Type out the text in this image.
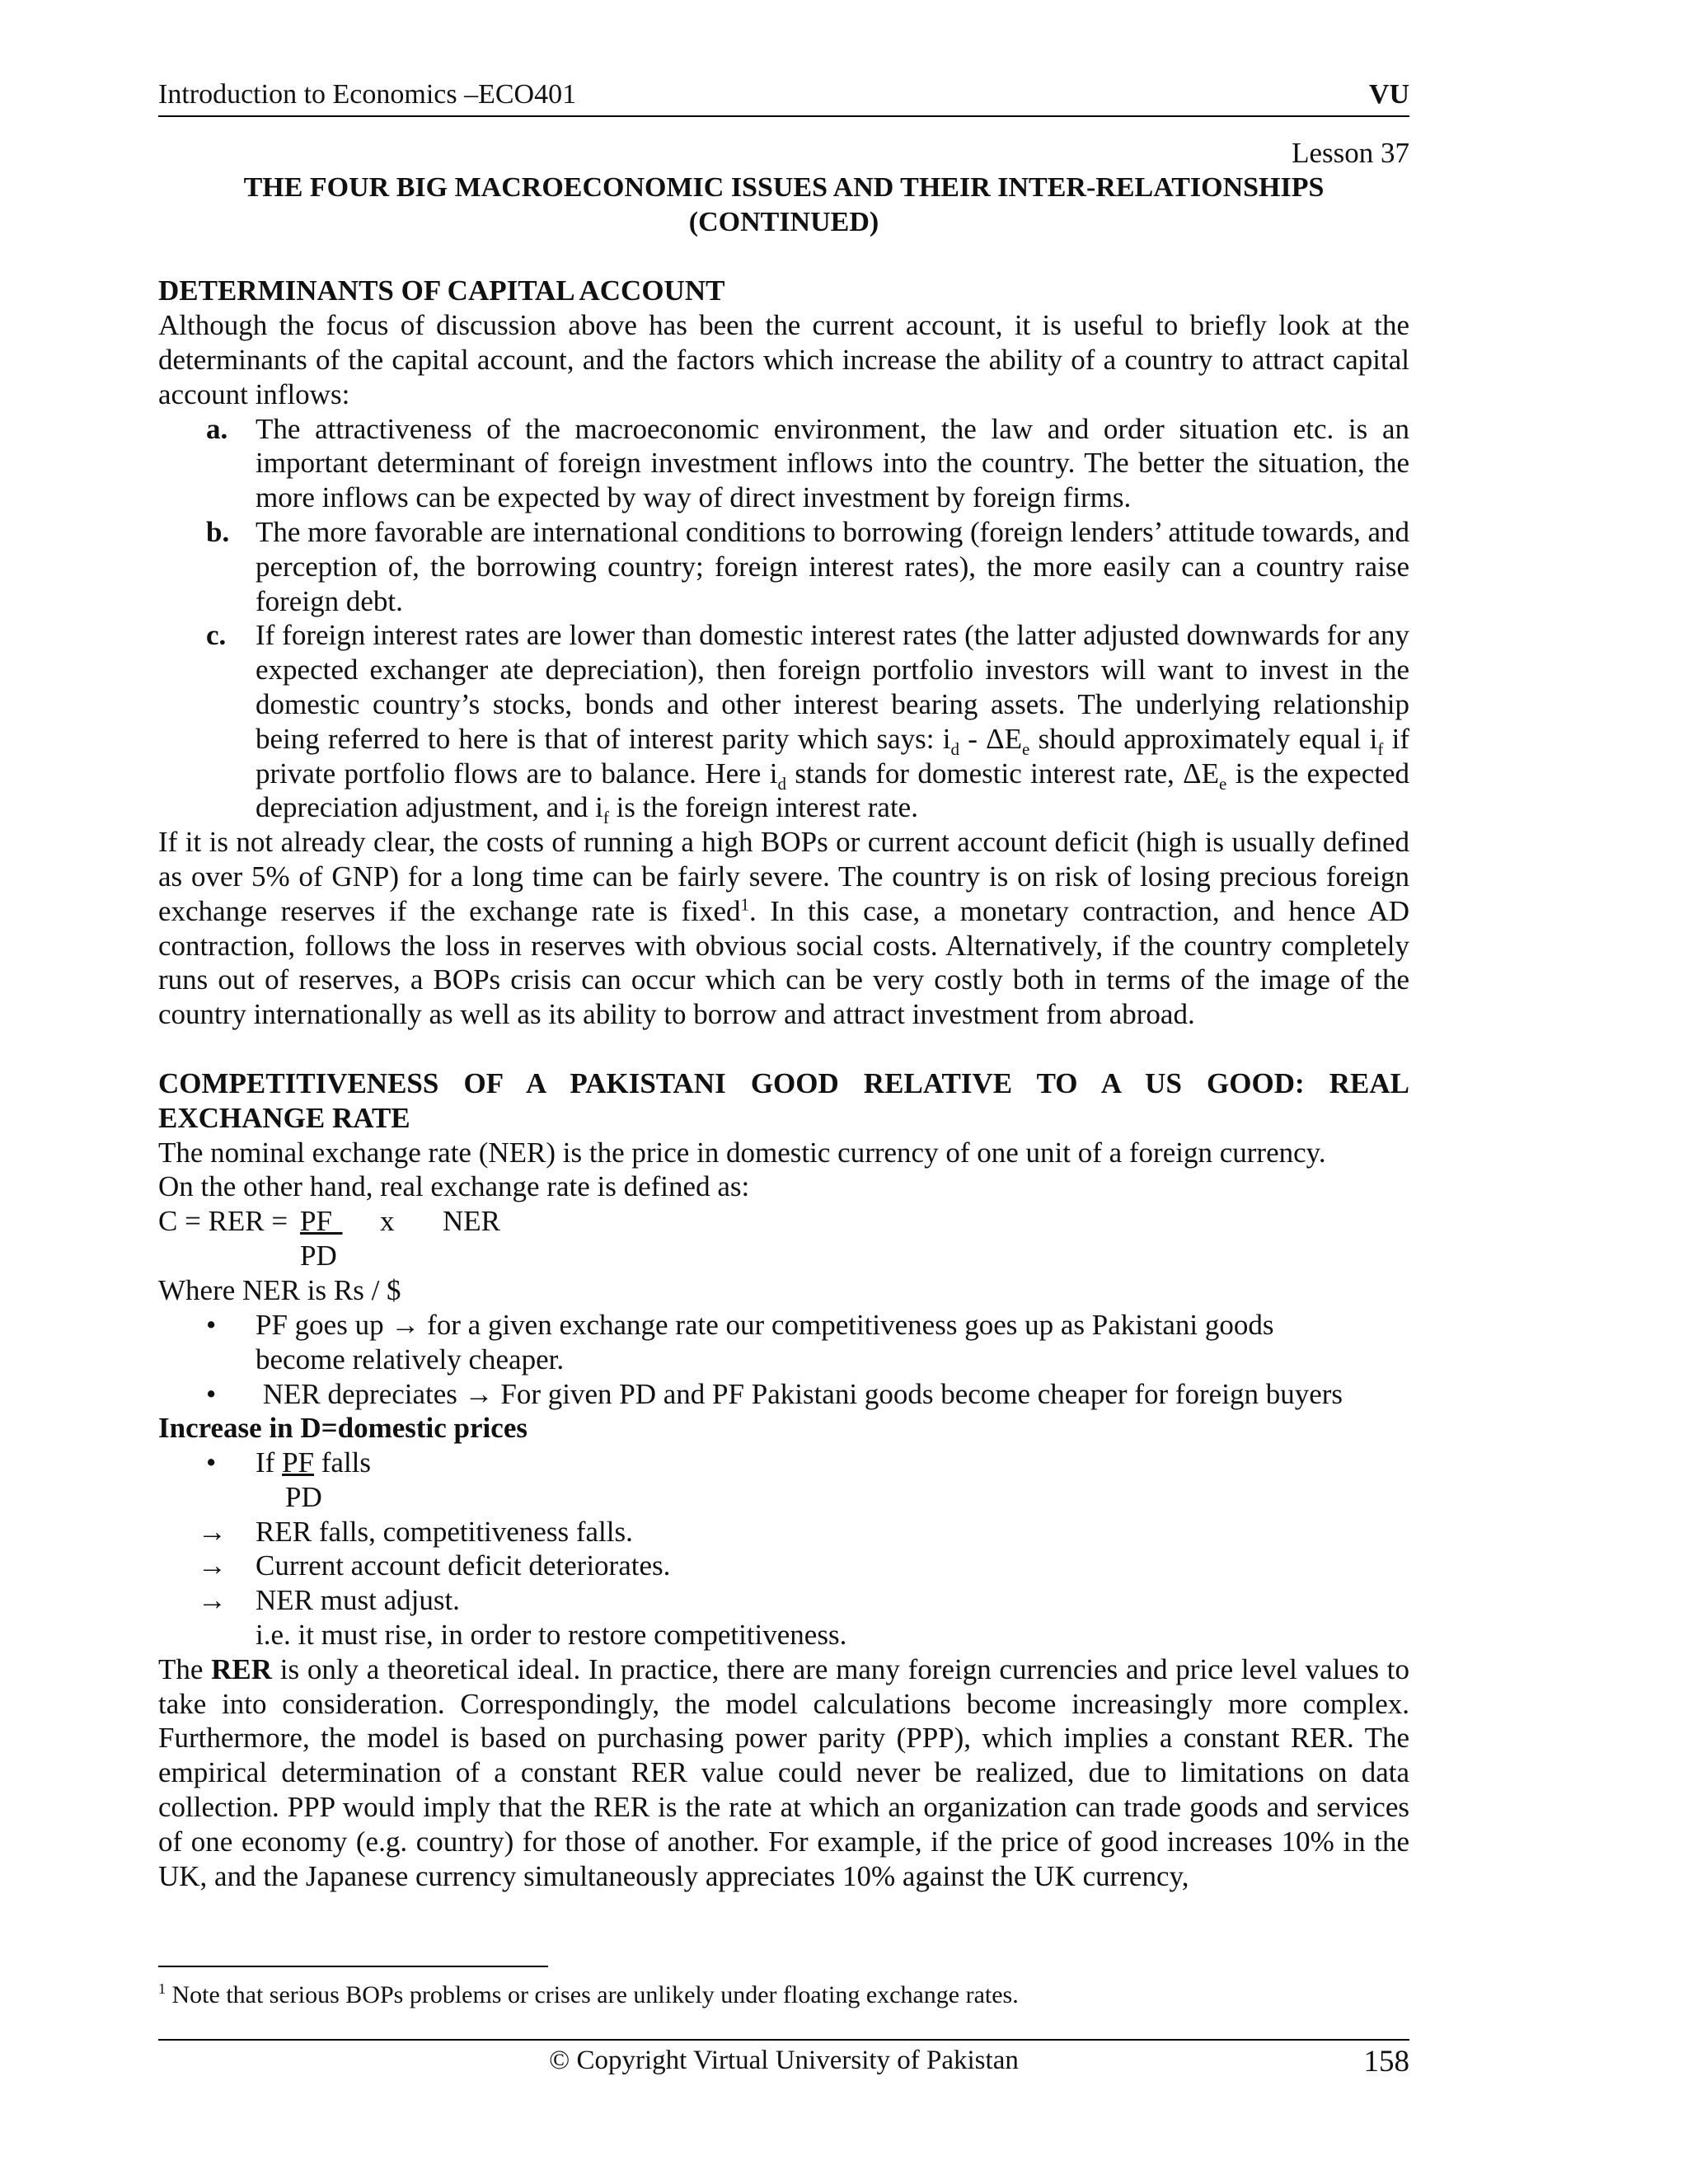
Introduction to Economics –ECO401	VU
Lesson 37
THE FOUR BIG MACROECONOMIC ISSUES AND THEIR INTER-RELATIONSHIPS
(CONTINUED)
DETERMINANTS OF CAPITAL ACCOUNT
Although the focus of discussion above has been the current account, it is useful to briefly look at the determinants of the capital account, and the factors which increase the ability of a country to attract capital account inflows:
a. The attractiveness of the macroeconomic environment, the law and order situation etc. is an important determinant of foreign investment inflows into the country. The better the situation, the more inflows can be expected by way of direct investment by foreign firms.
b. The more favorable are international conditions to borrowing (foreign lenders’ attitude towards, and perception of, the borrowing country; foreign interest rates), the more easily can a country raise foreign debt.
c. If foreign interest rates are lower than domestic interest rates (the latter adjusted downwards for any expected exchanger ate depreciation), then foreign portfolio investors will want to invest in the domestic country’s stocks, bonds and other interest bearing assets. The underlying relationship being referred to here is that of interest parity which says: $i_d - \Delta E_e$ should approximately equal $i_f$ if private portfolio flows are to balance. Here $i_d$ stands for domestic interest rate, $\Delta E_e$ is the expected depreciation adjustment, and $i_f$ is the foreign interest rate.
If it is not already clear, the costs of running a high BOPs or current account deficit (high is usually defined as over 5% of GNP) for a long time can be fairly severe. The country is on risk of losing precious foreign exchange reserves if the exchange rate is fixed$^1$. In this case, a monetary contraction, and hence AD contraction, follows the loss in reserves with obvious social costs. Alternatively, if the country completely runs out of reserves, a BOPs crisis can occur which can be very costly both in terms of the image of the country internationally as well as its ability to borrow and attract investment from abroad.
COMPETITIVENESS OF A PAKISTANI GOOD RELATIVE TO A US GOOD: REAL
EXCHANGE RATE
The nominal exchange rate (NER) is the price in domestic currency of one unit of a foreign currency.
On the other hand, real exchange rate is defined as:
C = RER = PF
x NER
PD
Where NER is Rs / $
• PF goes up → for a given exchange rate our competitiveness goes up as Pakistani goods
become relatively cheaper.
• NER depreciates → For given PD and PF Pakistani goods become cheaper for foreign buyers
Increase in D=domestic prices
• If PF falls
PD
→ RER falls, competitiveness falls.
→ Current account deficit deteriorates.
→ NER must adjust.
i.e. it must rise, in order to restore competitiveness.
The RER is only a theoretical ideal. In practice, there are many foreign currencies and price level values to take into consideration. Correspondingly, the model calculations become increasingly more complex. Furthermore, the model is based on purchasing power parity (PPP), which implies a constant RER. The empirical determination of a constant RER value could never be realized, due to limitations on data collection. PPP would imply that the RER is the rate at which an organization can trade goods and services of one economy (e.g. country) for those of another. For example, if the price of good increases 10% in the UK, and the Japanese currency simultaneously appreciates 10% against the UK currency,
$^1$ Note that serious BOPs problems or crises are unlikely under floating exchange rates.
© Copyright Virtual University of Pakistan	158
